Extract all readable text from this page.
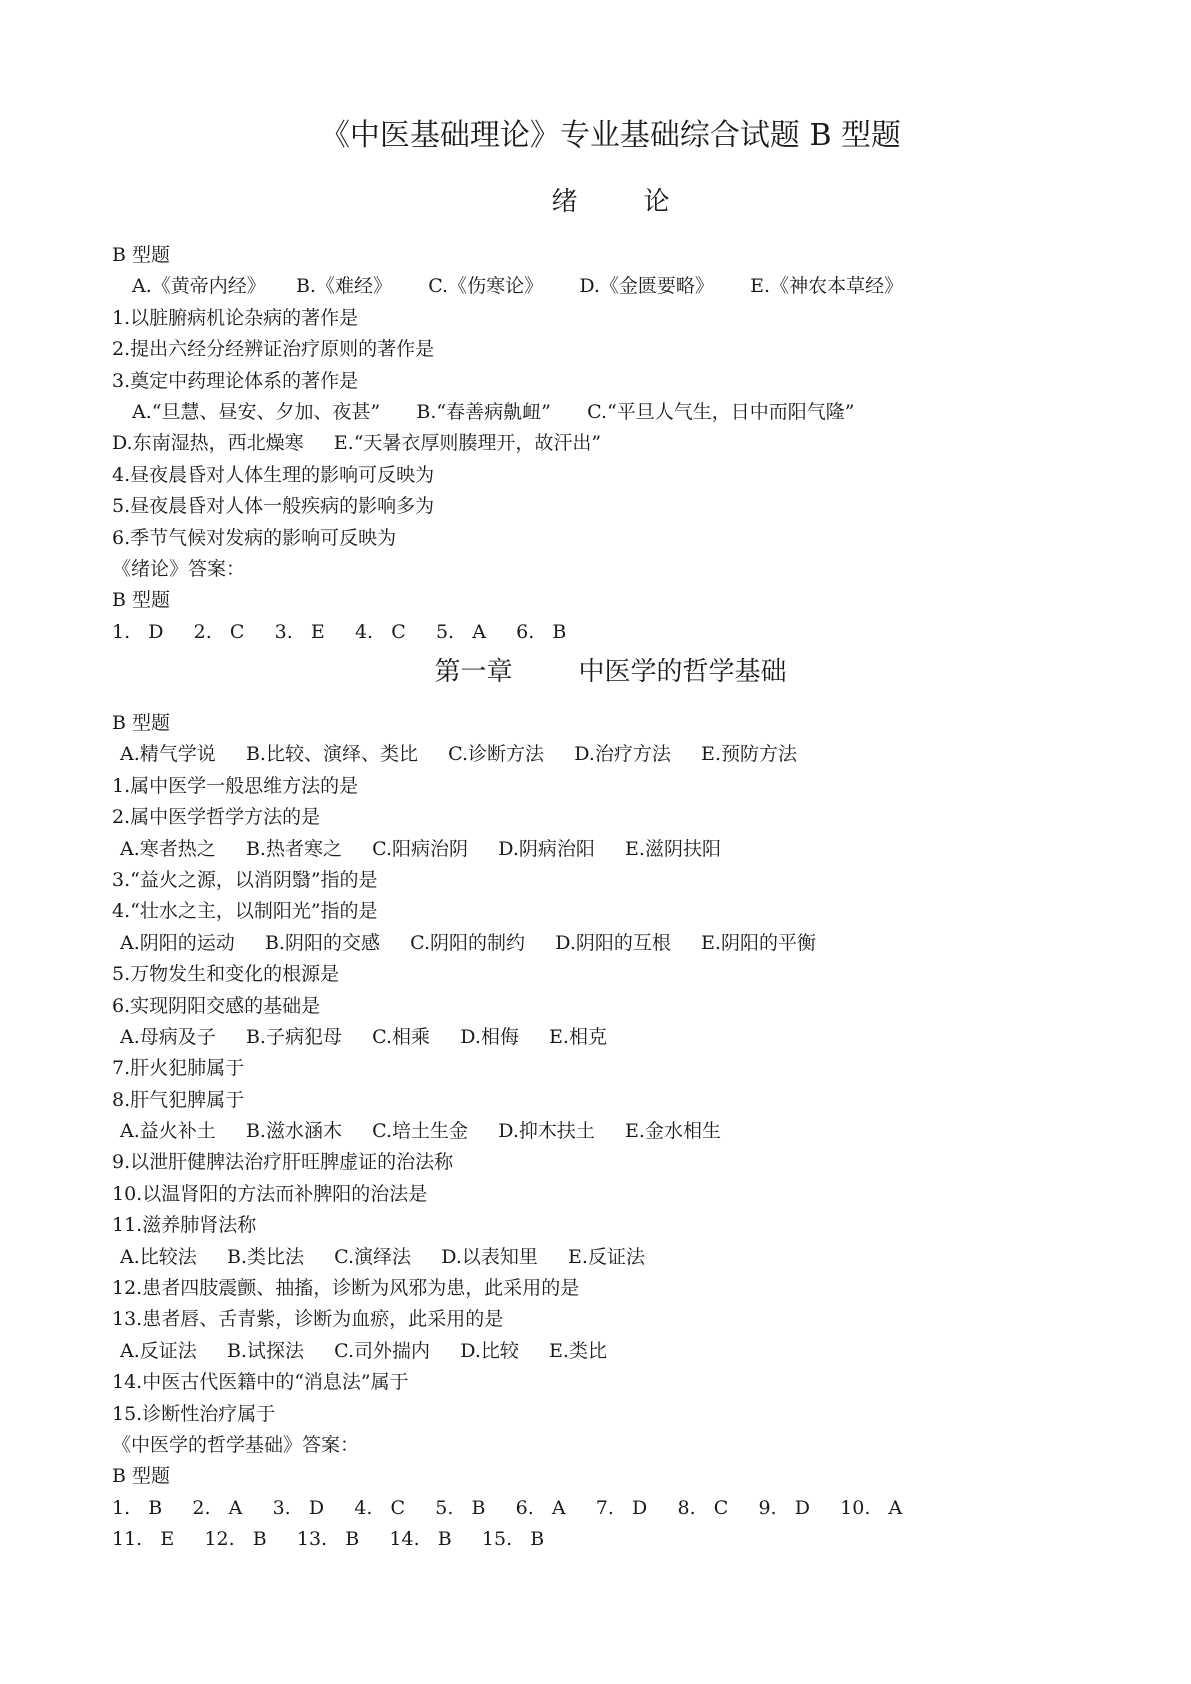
《中医基础理论》专业基础综合试题 B 型题
绪        论

B 型题

A.《黄帝内经》     B.《难经》      C.《伤寒论》      D.《金匮要略》      E.《神农本草经》

1.以脏腑病机论杂病的著作是

2.提出六经分经辨证治疗原则的著作是

3.奠定中药理论体系的著作是

A.“旦慧、昼安、夕加、夜甚”      B.“春善病鼽衄”      C.“平旦人气生，日中而阳气隆”

D.东南湿热，西北燥寒     E.“天暑衣厚则腠理开，故汗出”

4.昼夜晨昏对人体生理的影响可反映为

5.昼夜晨昏对人体一般疾病的影响多为

6.季节气候对发病的影响可反映为

《绪论》答案：

B 型题

1.   D     2.   C     3.   E     4.   C     5.   A     6.   B

第一章        中医学的哲学基础

B 型题

A.精气学说     B.比较、演绎、类比     C.诊断方法     D.治疗方法     E.预防方法

1.属中医学一般思维方法的是

2.属中医学哲学方法的是

A.寒者热之     B.热者寒之     C.阳病治阴     D.阴病治阳     E.滋阴扶阳

3.“益火之源，以消阴翳”指的是

4.“壮水之主，以制阳光”指的是

A.阴阳的运动     B.阴阳的交感     C.阴阳的制约     D.阴阳的互根     E.阴阳的平衡

5.万物发生和变化的根源是

6.实现阴阳交感的基础是

A.母病及子     B.子病犯母     C.相乘     D.相侮     E.相克

7.肝火犯肺属于

8.肝气犯脾属于

A.益火补土     B.滋水涵木     C.培土生金     D.抑木扶土     E.金水相生

9.以泄肝健脾法治疗肝旺脾虚证的治法称

10.以温肾阳的方法而补脾阳的治法是

11.滋养肺肾法称

A.比较法     B.类比法     C.演绎法     D.以表知里     E.反证法

12.患者四肢震颤、抽搐，诊断为风邪为患，此采用的是

13.患者唇、舌青紫，诊断为血瘀，此采用的是

A.反证法     B.试探法     C.司外揣内     D.比较     E.类比

14.中医古代医籍中的“消息法”属于

15.诊断性治疗属于

《中医学的哲学基础》答案：

B 型题

1.   B     2.   A     3.   D     4.   C     5.   B     6.   A     7.   D     8.   C     9.   D     10.   A

11.   E     12.   B     13.   B     14.   B     15.   B
